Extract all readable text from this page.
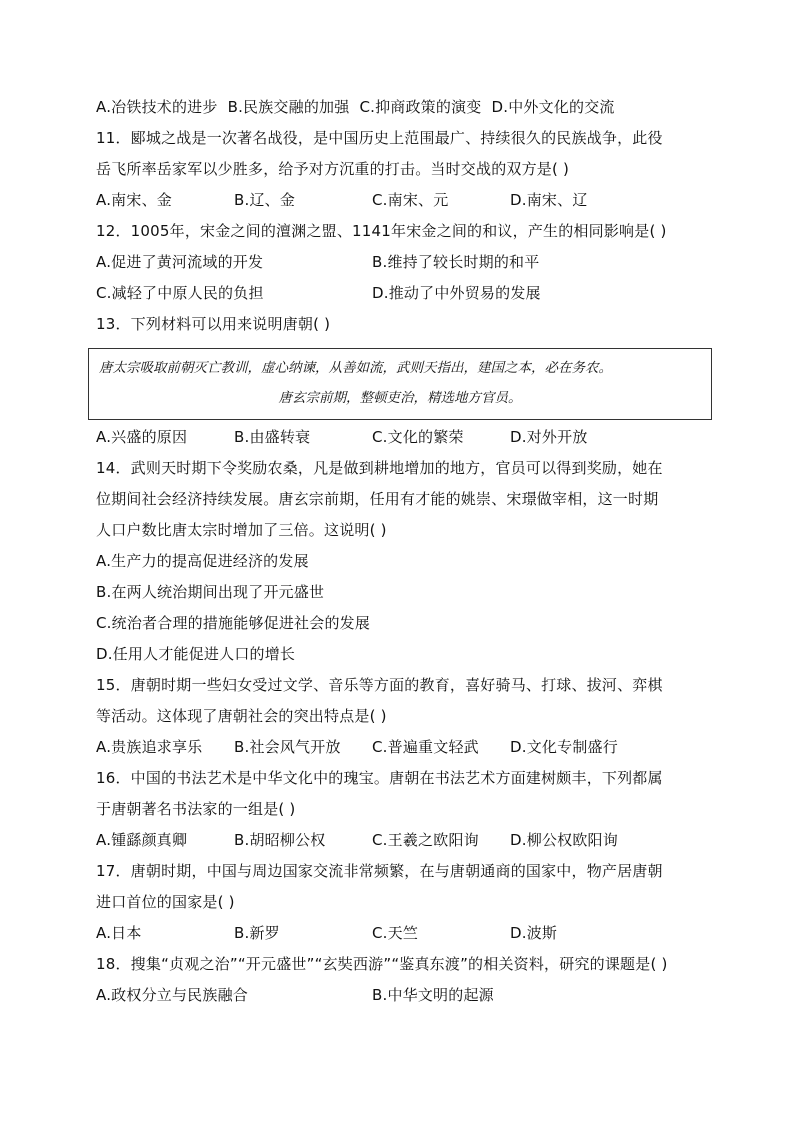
A.冶铁技术的进步 B.民族交融的加强 C.抑商政策的演变 D.中外文化的交流
11．郾城之战是一次著名战役，是中国历史上范围最广、持续很久的民族战争，此役
岳飞所率岳家军以少胜多，给予对方沉重的打击。当时交战的双方是( )
A.南宋、金	B.辽、金	C.南宋、元	D.南宋、辽
12．1005年，宋金之间的澶渊之盟、1141年宋金之间的和议，产生的相同影响是( )
A.促进了黄河流域的开发	B.维持了较长时期的和平
C.减轻了中原人民的负担	D.推动了中外贸易的发展
13．下列材料可以用来说明唐朝( )
唐太宗吸取前朝灭亡教训，虚心纳谏，从善如流，武则天指出，建国之本，必在务农。
唐玄宗前期，整顿吏治，精选地方官员。
A.兴盛的原因	B.由盛转衰	C.文化的繁荣	D.对外开放
14．武则天时期下令奖励农桑，凡是做到耕地增加的地方，官员可以得到奖励，她在
位期间社会经济持续发展。唐玄宗前期，任用有才能的姚崇、宋璟做宰相，这一时期
人口户数比唐太宗时增加了三倍。这说明( )
A.生产力的提高促进经济的发展
B.在两人统治期间出现了开元盛世
C.统治者合理的措施能够促进社会的发展
D.任用人才能促进人口的增长
15．唐朝时期一些妇女受过文学、音乐等方面的教育，喜好骑马、打球、拔河、弈棋
等活动。这体现了唐朝社会的突出特点是( )
A.贵族追求享乐	B.社会风气开放	C.普遍重文轻武	D.文化专制盛行
16．中国的书法艺术是中华文化中的瑰宝。唐朝在书法艺术方面建树颇丰，下列都属
于唐朝著名书法家的一组是( )
A.锺繇颜真卿	B.胡昭柳公权	C.王羲之欧阳询	D.柳公权欧阳询
17．唐朝时期，中国与周边国家交流非常频繁，在与唐朝通商的国家中，物产居唐朝
进口首位的国家是( )
A.日本	B.新罗	C.天竺	D.波斯
18．搜集“贞观之治”“开元盛世”“玄奘西游”“鉴真东渡”的相关资料，研究的课题是( )
A.政权分立与民族融合	B.中华文明的起源
